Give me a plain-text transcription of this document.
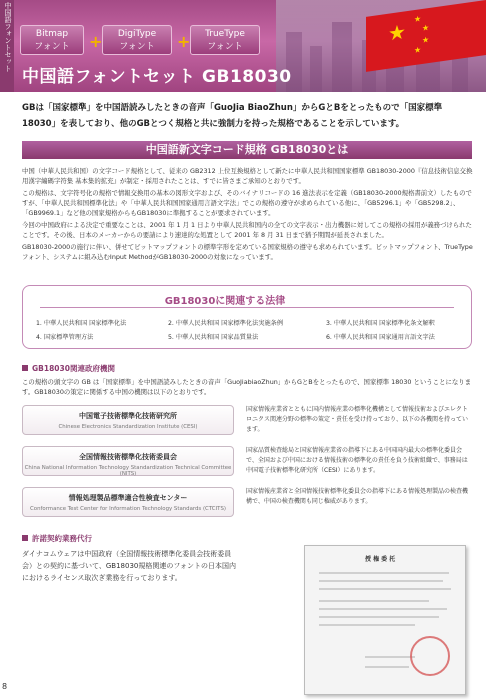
中国語フォントセット	★
★
★
★
★
Bitmap
フォント	+	DigiType
フォント	+	TrueType
フォント
中国語フォントセット GB18030
GBは「国家標準」を中国語読みしたときの音声「GuoJia BiaoZhun」からGとBをとったもので「国家標準 18030」を表しており、他のGBとつく規格と共に強制力を持った規格であることを示しています。
中国語新文字コード規格 GB18030とは

中国（中華人民共和国）の文字コード規格として、従来の GB2312 上位互換規格として新たに中華人民共和国国家標準 GB18030-2000『信息技術信息交換用漢字編碼字符集 基本集的拡充』が制定・採用されたことは、すでに皆さまご承知のとおりです。

この規格は、文字符号化の規格で情報交換用の基本の図形文字および、そのバイナリコードの 16 進法表示を定義（GB18030-2000規格書前文）したものですが、「中華人民共和国標準化法」や「中華人民共和国国家通用言語文字法」でこの規格の遵守が求められている他に、「GB5296.1」や「GB5298.2」、「GB9969.1」など他の国家規格からもGB18030に準拠することが要求されています。

今回の中国政府による決定で重要なことは、2001 年 1 月 1 日より中華人民共和国内の全ての文字表示・出力機器に対してこの規格の採用が義務づけられたことです。その後、日本のメーカーからの要請により速達的な処置として 2001 年 8 月 31 日まで猶予期間が延長されました。

GB18030-2000の施行に伴い、併せてビットマップフォントの標準字形を定めている国家規格の遵守も求められています。ビットマップフォント、TrueTypeフォント、システムに組み込むInput MethodがGB18030-2000の対象になっています。

GB18030に関連する法律
1. 中華人民共和国 国家標準化法	2. 中華人民共和国 国家標準化法実施条例	3. 中華人民共和国 国家標準化条文解釈
4. 国家標準管理方法	5. 中華人民共和国 国家品質量法	6. 中華人民共和国 国家通用言語文字法
GB18030関連政府機関
この規格の頭文字の GB は「国家標準」を中国語読みしたときの音声「GuoJiabiaoZhun」からGとBをとったもので、国家標準 18030 ということになります。GB18030の策定に関係する中国の機関は以下のとおりです。
中国電子技術標準化技術研究所
Chinese Electronics Standardization Institute (CESI)
国家情報産業省とともに国内情報産業の標準化機構として情報技術およびエレクトロニクス関連分野の標準の策定・責任を受け持っており、以下の各機関を持っています。
全国情報技術標準化技術委員会
China National Information Technology Standardization Technical Committee (NITS)
国家品質検査総局と国家情報産業省の指導下にある中国国内最大の標準化委員会で、全国および中国における情報技術の標準化の責任を負う技術組織で、事務局は中国電子技術標準化研究所（CESI）にあります。
情報処理製品標準適合性検査センター
Conformance Test Center for Information Technology Standards (CTCITS)
国家情報産業省と全国情報技術標準化委員会の指導下にある情報処理製品の検査機構で、中国の検査機関も同じ権威があります。
許諾契約業務代行
ダイナコムウェアは中国政府（全国情報技術標準化委員会技術委員会）との契約に基づいて、GB18030規格関連のフォントの日本国内におけるライセンス取次ぎ業務を行っております。
授 権 委 托
8
